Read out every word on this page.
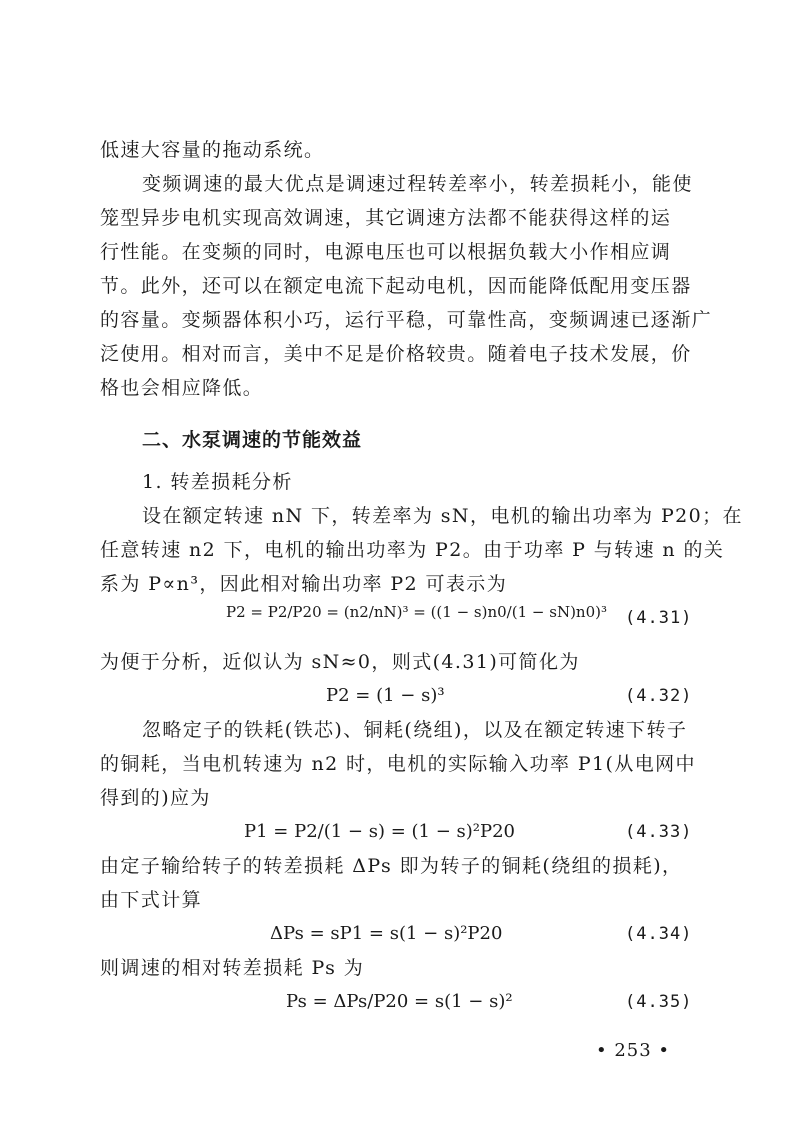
低速大容量的拖动系统。
变频调速的最大优点是调速过程转差率小，转差损耗小，能使
笼型异步电机实现高效调速，其它调速方法都不能获得这样的运
行性能。在变频的同时，电源电压也可以根据负载大小作相应调
节。此外，还可以在额定电流下起动电机，因而能降低配用变压器
的容量。变频器体积小巧，运行平稳，可靠性高，变频调速已逐渐广
泛使用。相对而言，美中不足是价格较贵。随着电子技术发展，价
格也会相应降低。
二、水泵调速的节能效益
1. 转差损耗分析
设在额定转速 nN 下，转差率为 sN，电机的输出功率为 P20；在
任意转速 n2 下，电机的输出功率为 P2。由于功率 P 与转速 n 的关
系为 P∝n³，因此相对输出功率 P2 可表示为
P2 = P2/P20 = (n2/nN)³ = ((1 − s)n0/(1 − sN)n0)³ (4.31)
为便于分析，近似认为 sN≈0，则式(4.31)可简化为
P2 = (1 − s)³	(4.32)
忽略定子的铁耗(铁芯)、铜耗(绕组)，以及在额定转速下转子
的铜耗，当电机转速为 n2 时，电机的实际输入功率 P1(从电网中
得到的)应为
P1 = P2/(1 − s) = (1 − s)²P20	(4.33)
由定子输给转子的转差损耗 ΔPs 即为转子的铜耗(绕组的损耗)，
由下式计算
ΔPs = sP1 = s(1 − s)²P20	(4.34)
则调速的相对转差损耗 Ps 为
Ps = ΔPs/P20 = s(1 − s)²	(4.35)
• 253 •
